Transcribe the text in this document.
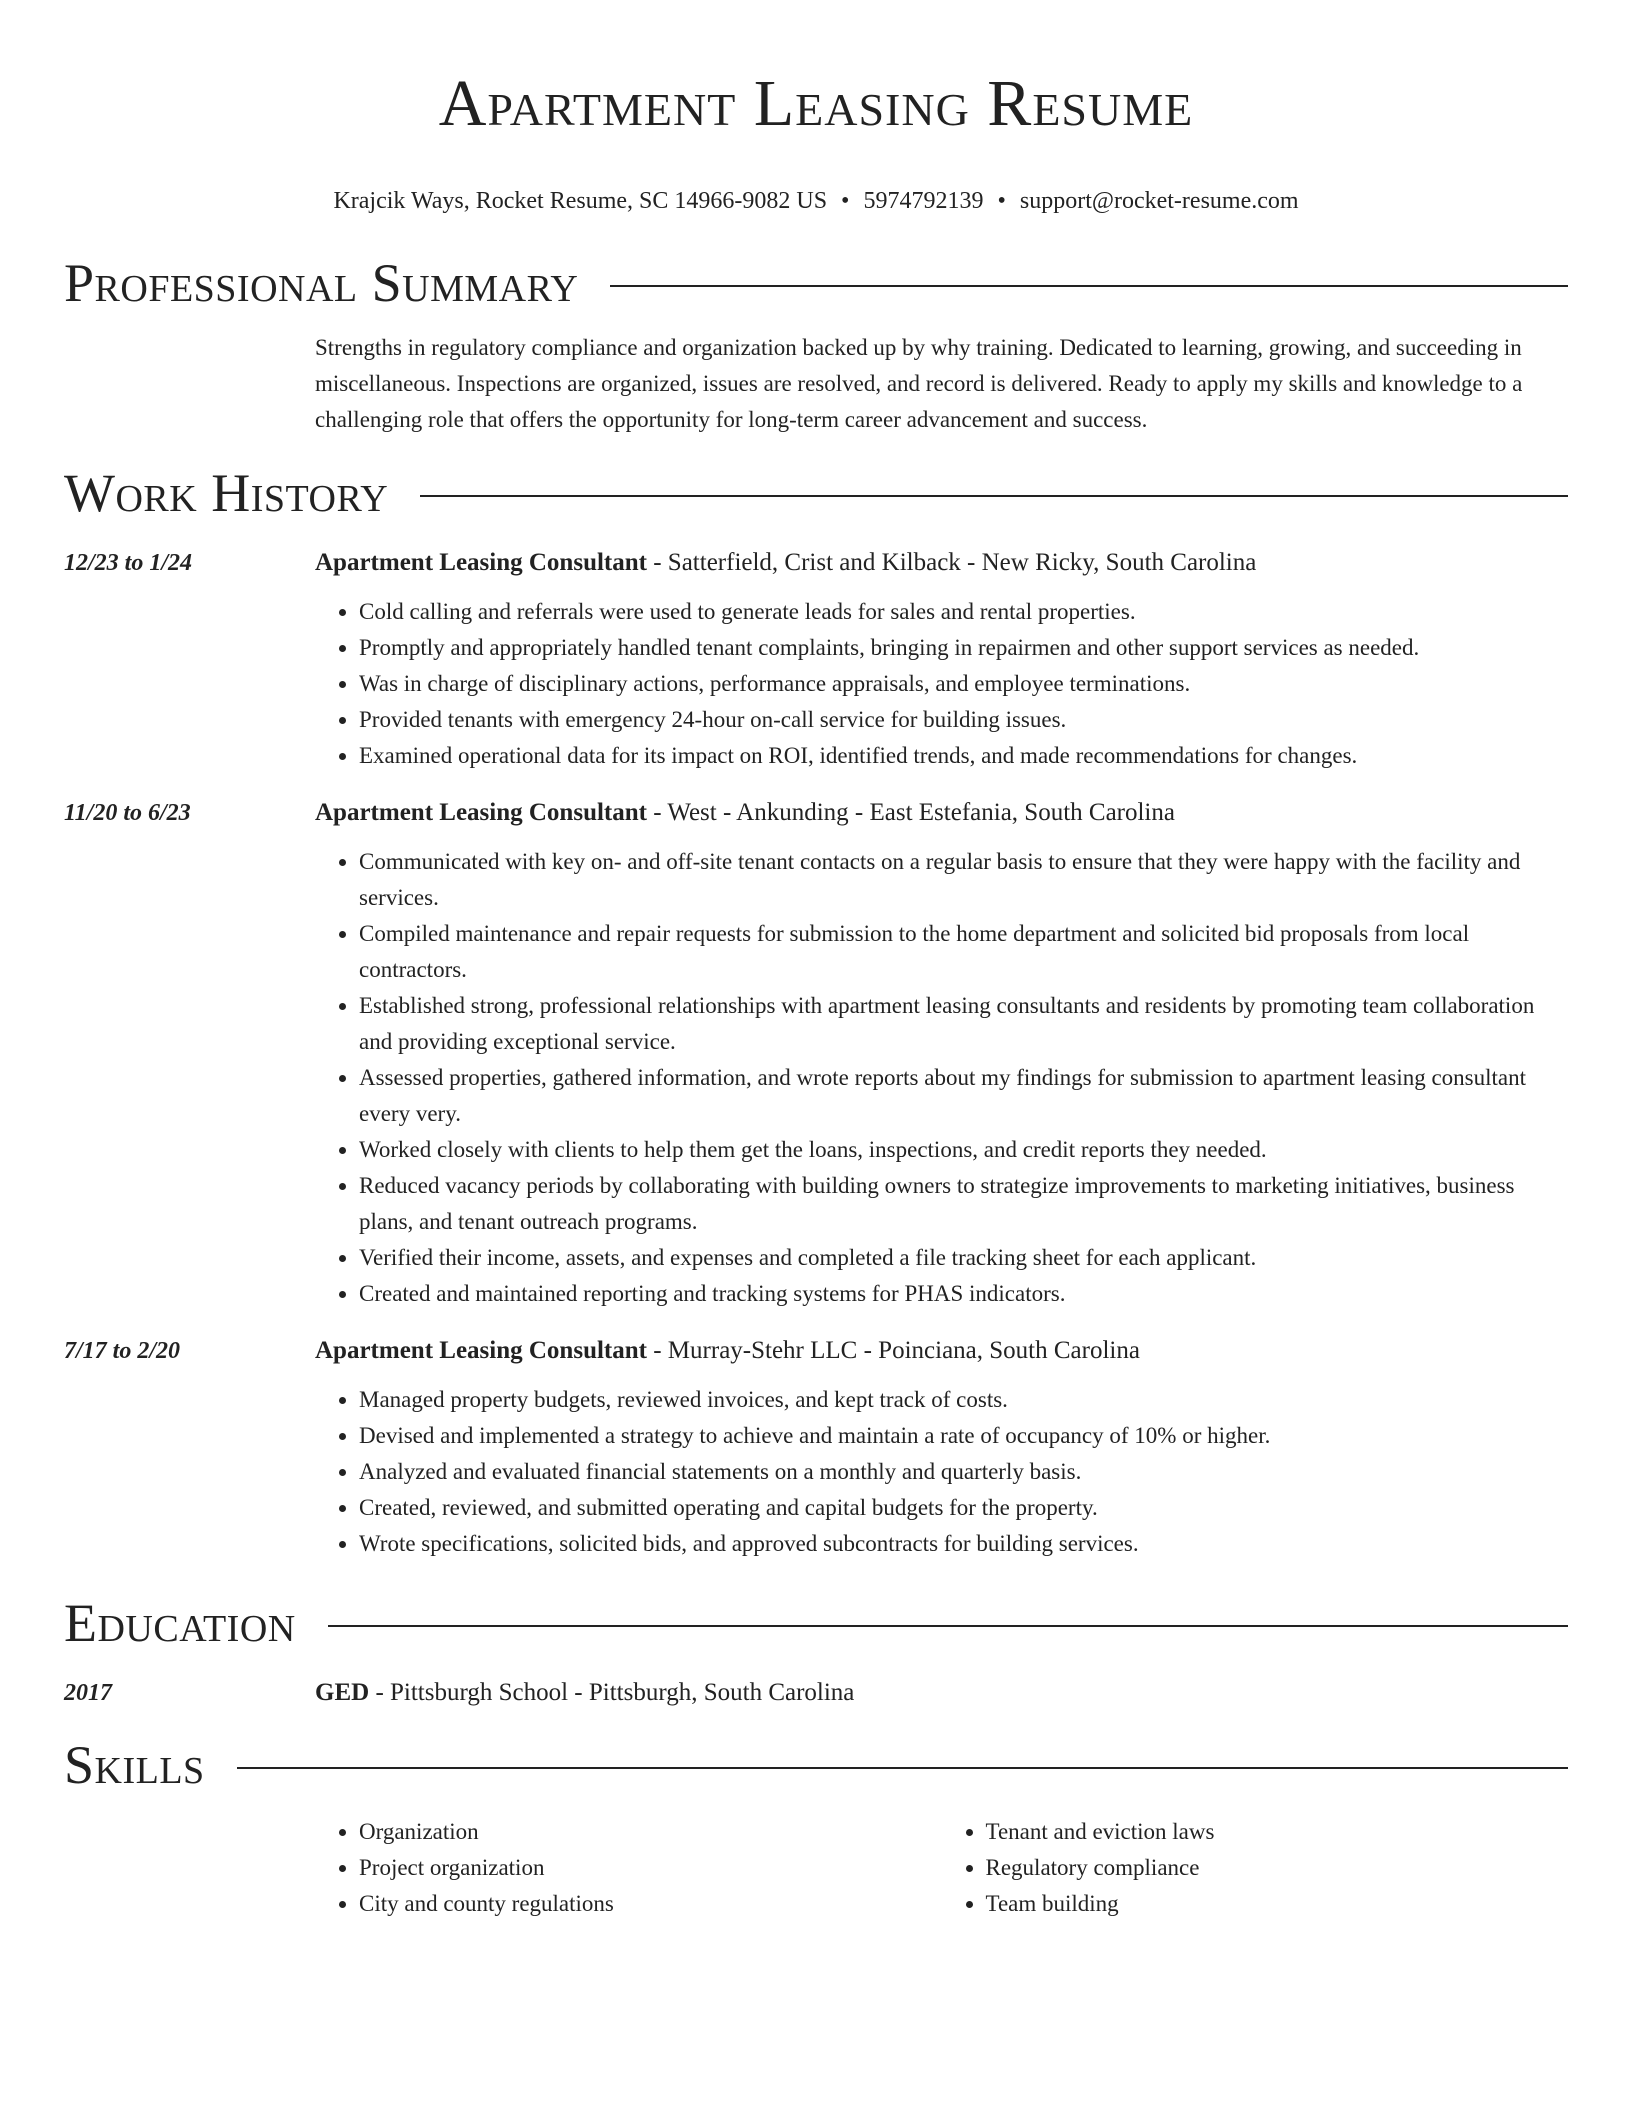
Apartment Leasing Resume
Krajcik Ways, Rocket Resume, SC 14966-9082 US • 5974792139 • support@rocket-resume.com
Professional Summary
Strengths in regulatory compliance and organization backed up by why training. Dedicated to learning, growing, and succeeding in miscellaneous. Inspections are organized, issues are resolved, and record is delivered. Ready to apply my skills and knowledge to a challenging role that offers the opportunity for long-term career advancement and success.
Work History
12/23 to 1/24	Apartment Leasing Consultant - Satterfield, Crist and Kilback - New Ricky, South Carolina
• Cold calling and referrals were used to generate leads for sales and rental properties.
• Promptly and appropriately handled tenant complaints, bringing in repairmen and other support services as needed.
• Was in charge of disciplinary actions, performance appraisals, and employee terminations.
• Provided tenants with emergency 24-hour on-call service for building issues.
• Examined operational data for its impact on ROI, identified trends, and made recommendations for changes.
11/20 to 6/23	Apartment Leasing Consultant - West - Ankunding - East Estefania, South Carolina
• Communicated with key on- and off-site tenant contacts on a regular basis to ensure that they were happy with the facility and services.
• Compiled maintenance and repair requests for submission to the home department and solicited bid proposals from local contractors.
• Established strong, professional relationships with apartment leasing consultants and residents by promoting team collaboration and providing exceptional service.
• Assessed properties, gathered information, and wrote reports about my findings for submission to apartment leasing consultant every very.
• Worked closely with clients to help them get the loans, inspections, and credit reports they needed.
• Reduced vacancy periods by collaborating with building owners to strategize improvements to marketing initiatives, business plans, and tenant outreach programs.
• Verified their income, assets, and expenses and completed a file tracking sheet for each applicant.
• Created and maintained reporting and tracking systems for PHAS indicators.
7/17 to 2/20	Apartment Leasing Consultant - Murray-Stehr LLC - Poinciana, South Carolina
• Managed property budgets, reviewed invoices, and kept track of costs.
• Devised and implemented a strategy to achieve and maintain a rate of occupancy of 10% or higher.
• Analyzed and evaluated financial statements on a monthly and quarterly basis.
• Created, reviewed, and submitted operating and capital budgets for the property.
• Wrote specifications, solicited bids, and approved subcontracts for building services.
Education
2017	GED - Pittsburgh School - Pittsburgh, South Carolina
Skills
• Organization
• Project organization
• City and county regulations
• Tenant and eviction laws
• Regulatory compliance
• Team building
